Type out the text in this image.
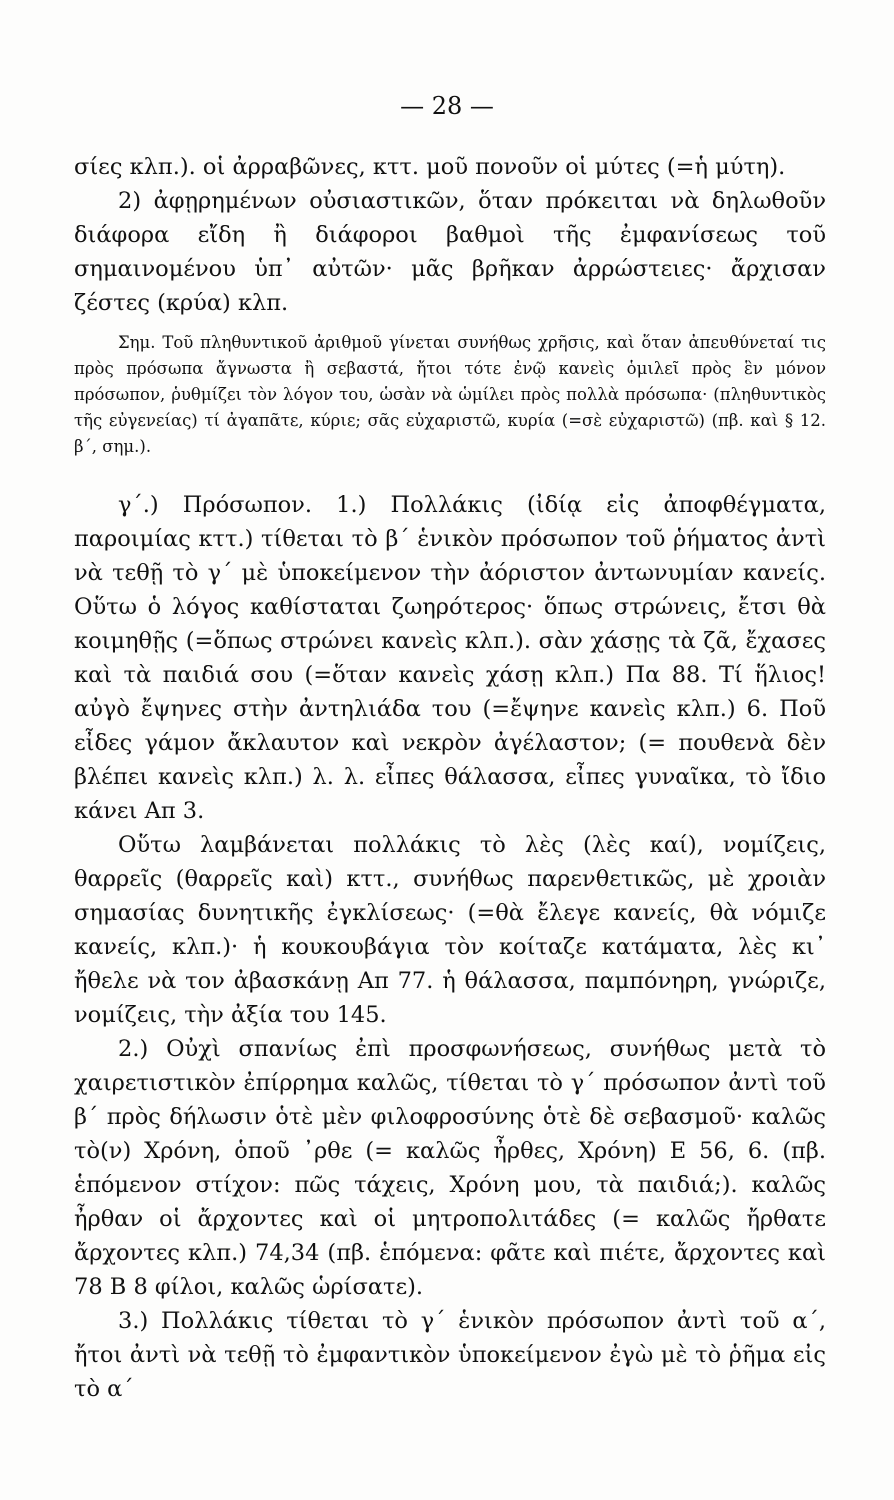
— 28 —

σίες κλπ.). οἱ ἀρραβῶνες, κττ. μοῦ πονοῦν οἱ μύτες (=ἡ μύτη).

2) ἀφῃρημένων οὐσιαστικῶν, ὅταν πρόκειται νὰ δηλωθοῦν διάφορα εἴδη ἢ διάφοροι βαθμοὶ τῆς ἐμφανίσεως τοῦ σημαινομένου ὑπ᾽ αὐτῶν· μᾶς βρῆκαν ἀρρώστειες· ἄρχισαν ζέστες (κρύα) κλπ.

Σημ. Τοῦ πληθυντικοῦ ἀριθμοῦ γίνεται συνήθως χρῆσις, καὶ ὅταν ἀπευθύνεταί τις πρὸς πρόσωπα ἄγνωστα ἢ σεβαστά, ἤτοι τότε ἐνῷ κανεὶς ὁμιλεῖ πρὸς ἓν μόνον πρόσωπον, ῥυθμίζει τὸν λόγον του, ὡσὰν νὰ ὡμίλει πρὸς πολλὰ πρόσωπα· (πληθυντικὸς τῆς εὐγενείας) τί ἀγαπᾶτε, κύριε; σᾶς εὐχαριστῶ, κυρία (=σὲ εὐχαριστῶ) (πβ. καὶ § 12. β΄, σημ.).

γ΄.) Πρόσωπον. 1.) Πολλάκις (ἰδίᾳ εἰς ἀποφθέγματα, παροιμίας κττ.) τίθεται τὸ β΄ ἑνικὸν πρόσωπον τοῦ ῥήματος ἀντὶ νὰ τεθῇ τὸ γ΄ μὲ ὑποκείμενον τὴν ἀόριστον ἀντωνυμίαν κανείς. Οὕτω ὁ λόγος καθίσταται ζωηρότερος· ὅπως στρώνεις, ἔτσι θὰ κοιμηθῇς (=ὅπως στρώνει κανεὶς κλπ.). σὰν χάσῃς τὰ ζᾶ, ἔχασες καὶ τὰ παιδιά σου (=ὅταν κανεὶς χάσῃ κλπ.) Πα 88. Τί ἥλιος! αὐγὸ ἔψηνες στὴν ἀντηλιάδα του (=ἔψηνε κανεὶς κλπ.) 6. Ποῦ εἶδες γάμον ἄκλαυτον καὶ νεκρὸν ἀγέλαστον; (= πουθενὰ δὲν βλέπει κανεὶς κλπ.) λ. λ. εἶπες θάλασσα, εἶπες γυναῖκα, τὸ ἴδιο κάνει Απ 3.

Οὕτω λαμβάνεται πολλάκις τὸ λὲς (λὲς καί), νομίζεις, θαρρεῖς (θαρρεῖς καὶ) κττ., συνήθως παρενθετικῶς, μὲ χροιὰν σημασίας δυνητικῆς ἐγκλίσεως· (=θὰ ἔλεγε κανείς, θὰ νόμιζε κανείς, κλπ.)· ἡ κουκουβάγια τὸν κοίταζε κατάματα, λὲς κι᾽ ἤθελε νὰ τον ἀβασκάνῃ Απ 77. ἡ θάλασσα, παμπόνηρη, γνώριζε, νομίζεις, τὴν ἀξία του 145.

2.) Οὐχὶ σπανίως ἐπὶ προσφωνήσεως, συνήθως μετὰ τὸ χαιρετιστικὸν ἐπίρρημα καλῶς, τίθεται τὸ γ΄ πρόσωπον ἀντὶ τοῦ β΄ πρὸς δήλωσιν ὁτὲ μὲν φιλοφροσύνης ὁτὲ δὲ σεβασμοῦ· καλῶς τὸ(ν) Χρόνη, ὁποῦ ᾽ρθε (= καλῶς ἦρθες, Χρόνη) Ε 56, 6. (πβ. ἑπόμενον στίχον: πῶς τάχεις, Χρόνη μου, τὰ παιδιά;). καλῶς ἦρθαν οἱ ἄρχοντες καὶ οἱ μητροπολιτάδες (= καλῶς ἤρθατε ἄρχοντες κλπ.) 74,34 (πβ. ἑπόμενα: φᾶτε καὶ πιέτε, ἄρχοντες καὶ 78 Β 8 φίλοι, καλῶς ὡρίσατε).

3.) Πολλάκις τίθεται τὸ γ΄ ἑνικὸν πρόσωπον ἀντὶ τοῦ α΄, ἤτοι ἀντὶ νὰ τεθῇ τὸ ἐμφαντικὸν ὑποκείμενον ἐγὼ μὲ τὸ ῥῆμα εἰς τὸ α΄
